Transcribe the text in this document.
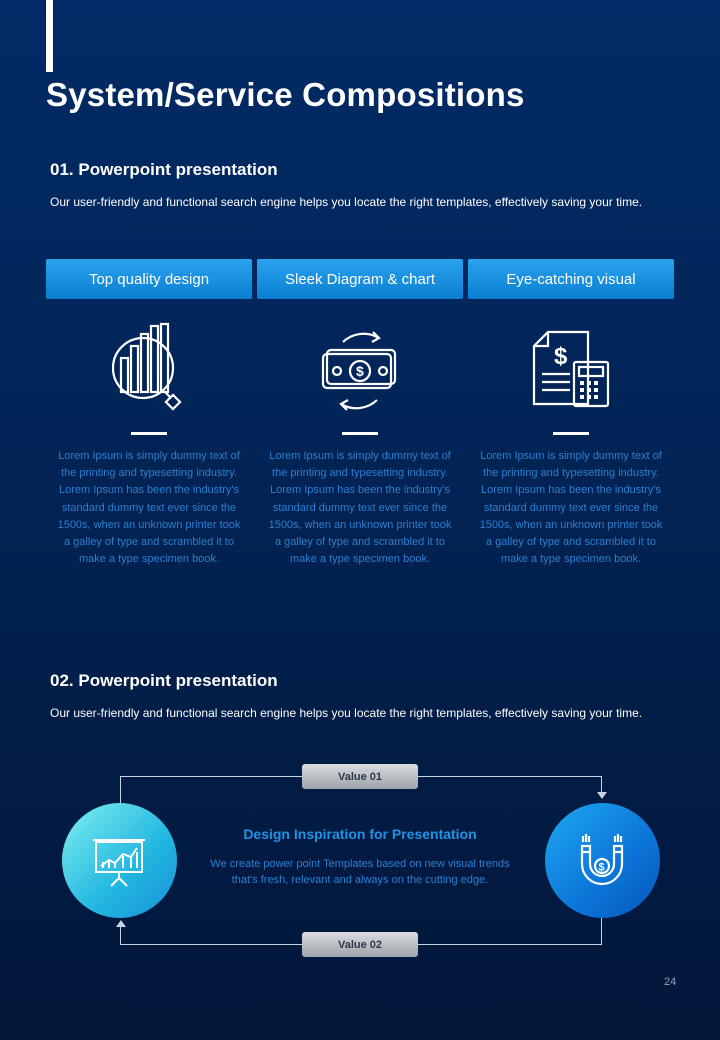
System/Service Compositions
01. Powerpoint presentation
Our user-friendly and functional search engine helps you locate the right templates, effectively saving your time.
Top quality design	Sleek Diagram & chart	Eye-catching visual
$
$
Lorem Ipsum is simply dummy text of the printing and typesetting industry. Lorem Ipsum has been the industry's standard dummy text ever since the 1500s, when an unknown printer took a galley of type and scrambled it to make a type specimen book.
Lorem Ipsum is simply dummy text of the printing and typesetting industry. Lorem Ipsum has been the industry's standard dummy text ever since the 1500s, when an unknown printer took a galley of type and scrambled it to make a type specimen book.
Lorem Ipsum is simply dummy text of the printing and typesetting industry. Lorem Ipsum has been the industry's standard dummy text ever since the 1500s, when an unknown printer took a galley of type and scrambled it to make a type specimen book.
02. Powerpoint presentation
Our user-friendly and functional search engine helps you locate the right templates, effectively saving your time.
Value 01
Value 02
$
Design Inspiration for Presentation
We create power point Templates based on new visual trends that's fresh, relevant and always on the cutting edge.
24
